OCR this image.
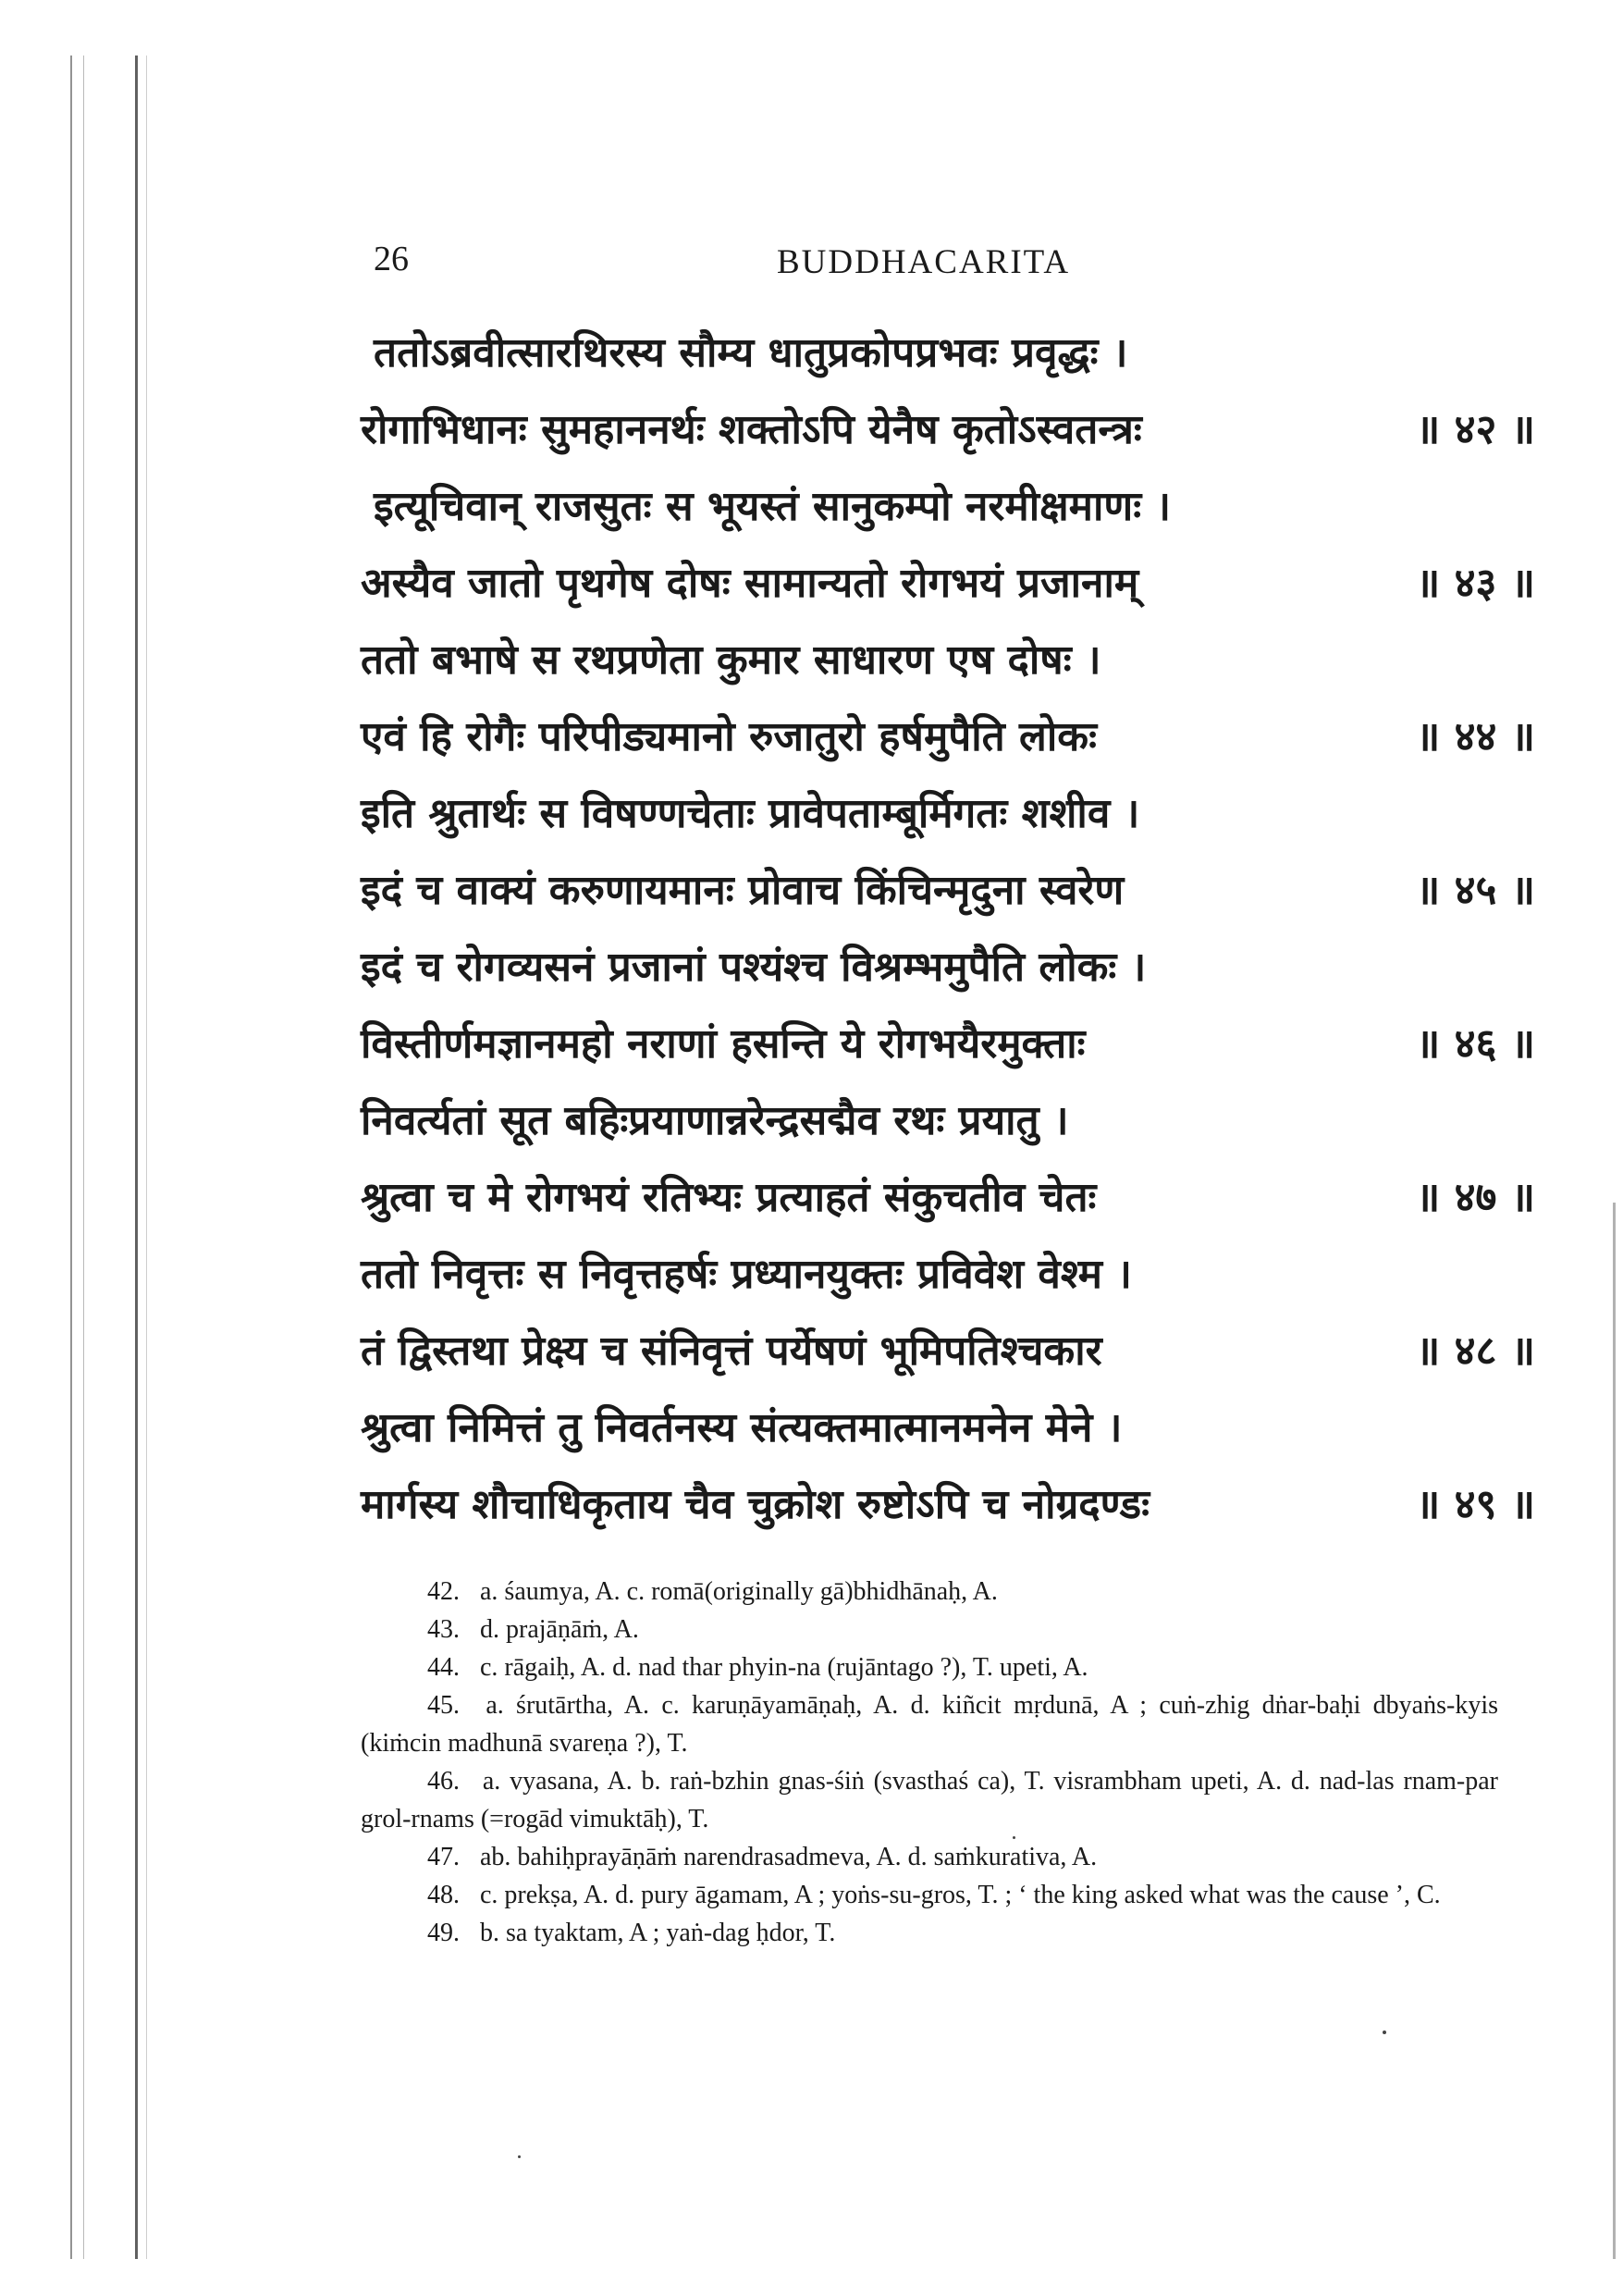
26	BUDDHACARITA
ततोऽब्रवीत्सारथिरस्य सौम्य धातुप्रकोपप्रभवः प्रवृद्धः ।
रोगाभिधानः सुमहाननर्थः शक्तोऽपि येनैष कृतोऽस्वतन्त्रः	॥ ४२ ॥
इत्यूचिवान् राजसुतः स भूयस्तं सानुकम्पो नरमीक्षमाणः ।
अस्यैव जातो पृथगेष दोषः सामान्यतो रोगभयं प्रजानाम्	॥ ४३ ॥
ततो बभाषे स रथप्रणेता कुमार साधारण एष दोषः ।
एवं हि रोगैः परिपीड्यमानो रुजातुरो हर्षमुपैति लोकः	॥ ४४ ॥
इति श्रुतार्थः स विषण्णचेताः प्रावेपताम्बूर्मिगतः शशीव ।
इदं च वाक्यं करुणायमानः प्रोवाच किंचिन्मृदुना स्वरेण	॥ ४५ ॥
इदं च रोगव्यसनं प्रजानां पश्यंश्च विश्रम्भमुपैति लोकः ।
विस्तीर्णमज्ञानमहो नराणां हसन्ति ये रोगभयैरमुक्ताः	॥ ४६ ॥
निवर्त्यतां सूत बहिःप्रयाणान्नरेन्द्रसद्मैव रथः प्रयातु ।
श्रुत्वा च मे रोगभयं रतिभ्यः प्रत्याहतं संकुचतीव चेतः	॥ ४७ ॥
ततो निवृत्तः स निवृत्तहर्षः प्रध्यानयुक्तः प्रविवेश वेश्म ।
तं द्विस्तथा प्रेक्ष्य च संनिवृत्तं पर्येषणं भूमिपतिश्चकार	॥ ४८ ॥
श्रुत्वा निमित्तं तु निवर्तनस्य संत्यक्तमात्मानमनेन मेने ।
मार्गस्य शौचाधिकृताय चैव चुक्रोश रुष्टोऽपि च नोग्रदण्डः	॥ ४९ ॥
42. a. śaumya, A. c. romā(originally gā)bhidhānaḥ, A.
43. d. prajāṇāṁ, A.
44. c. rāgaiḥ, A. d. nad thar phyin-na (rujāntago ?), T. upeti, A.
45. a. śrutārtha, A. c. karuṇāyamāṇaḥ, A. d. kiñcit mṛdunā, A ; cuṅ-zhig dṅar-baḥi dbyaṅs-kyis (kiṁcin madhunā svareṇa ?), T.
46. a. vyasana, A. b. raṅ-bzhin gnas-śiṅ (svasthaś ca), T. visrambham upeti, A. d. nad-las rnam-par grol-rnams (=rogād vimuktāḥ), T.
47. ab. bahiḥprayāṇāṁ narendrasadmeva, A. d. saṁkurativa, A.
48. c. prekṣa, A. d. pury āgamam, A ; yoṅs-su-gros, T. ; ‘ the king asked what was the cause ’, C.
49. b. sa tyaktam, A ; yaṅ-dag ḥdor, T.
